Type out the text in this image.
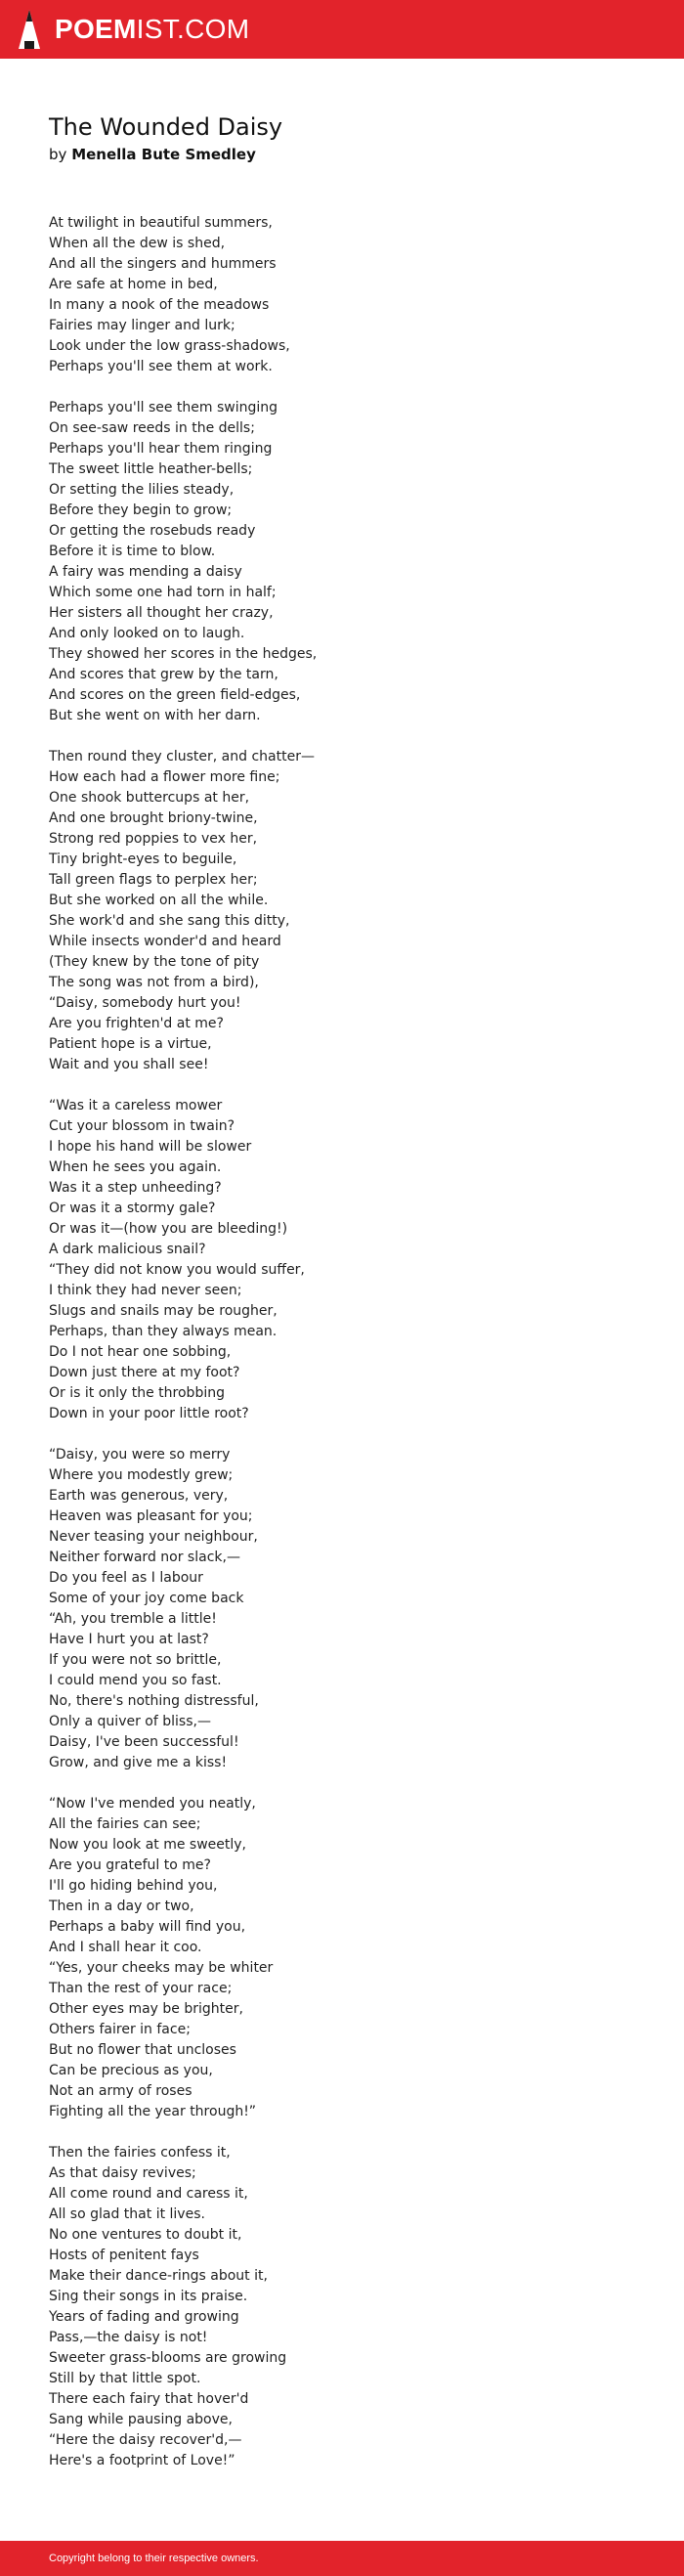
POEMIST.COM
The Wounded Daisy
by Menella Bute Smedley
At twilight in beautiful summers,
When all the dew is shed,
And all the singers and hummers
Are safe at home in bed,
In many a nook of the meadows
Fairies may linger and lurk;
Look under the low grass-shadows,
Perhaps you'll see them at work.
Perhaps you'll see them swinging
On see-saw reeds in the dells;
Perhaps you'll hear them ringing
The sweet little heather-bells;
Or setting the lilies steady,
Before they begin to grow;
Or getting the rosebuds ready
Before it is time to blow.
A fairy was mending a daisy
Which some one had torn in half;
Her sisters all thought her crazy,
And only looked on to laugh.
They showed her scores in the hedges,
And scores that grew by the tarn,
And scores on the green field-edges,
But she went on with her darn.
Then round they cluster, and chatter—
How each had a flower more fine;
One shook buttercups at her,
And one brought briony-twine,
Strong red poppies to vex her,
Tiny bright-eyes to beguile,
Tall green flags to perplex her;
But she worked on all the while.
She work'd and she sang this ditty,
While insects wonder'd and heard
(They knew by the tone of pity
The song was not from a bird),
“Daisy, somebody hurt you!
Are you frighten'd at me?
Patient hope is a virtue,
Wait and you shall see!
“Was it a careless mower
Cut your blossom in twain?
I hope his hand will be slower
When he sees you again.
Was it a step unheeding?
Or was it a stormy gale?
Or was it—(how you are bleeding!)
A dark malicious snail?
“They did not know you would suffer,
I think they had never seen;
Slugs and snails may be rougher,
Perhaps, than they always mean.
Do I not hear one sobbing,
Down just there at my foot?
Or is it only the throbbing
Down in your poor little root?
“Daisy, you were so merry
Where you modestly grew;
Earth was generous, very,
Heaven was pleasant for you;
Never teasing your neighbour,
Neither forward nor slack,—
Do you feel as I labour
Some of your joy come back
“Ah, you tremble a little!
Have I hurt you at last?
If you were not so brittle,
I could mend you so fast.
No, there's nothing distressful,
Only a quiver of bliss,—
Daisy, I've been successful!
Grow, and give me a kiss!
“Now I've mended you neatly,
All the fairies can see;
Now you look at me sweetly,
Are you grateful to me?
I'll go hiding behind you,
Then in a day or two,
Perhaps a baby will find you,
And I shall hear it coo.
“Yes, your cheeks may be whiter
Than the rest of your race;
Other eyes may be brighter,
Others fairer in face;
But no flower that uncloses
Can be precious as you,
Not an army of roses
Fighting all the year through!”
Then the fairies confess it,
As that daisy revives;
All come round and caress it,
All so glad that it lives.
No one ventures to doubt it,
Hosts of penitent fays
Make their dance-rings about it,
Sing their songs in its praise.
Years of fading and growing
Pass,—the daisy is not!
Sweeter grass-blooms are growing
Still by that little spot.
There each fairy that hover'd
Sang while pausing above,
“Here the daisy recover'd,—
Here's a footprint of Love!”
Copyright belong to their respective owners.
